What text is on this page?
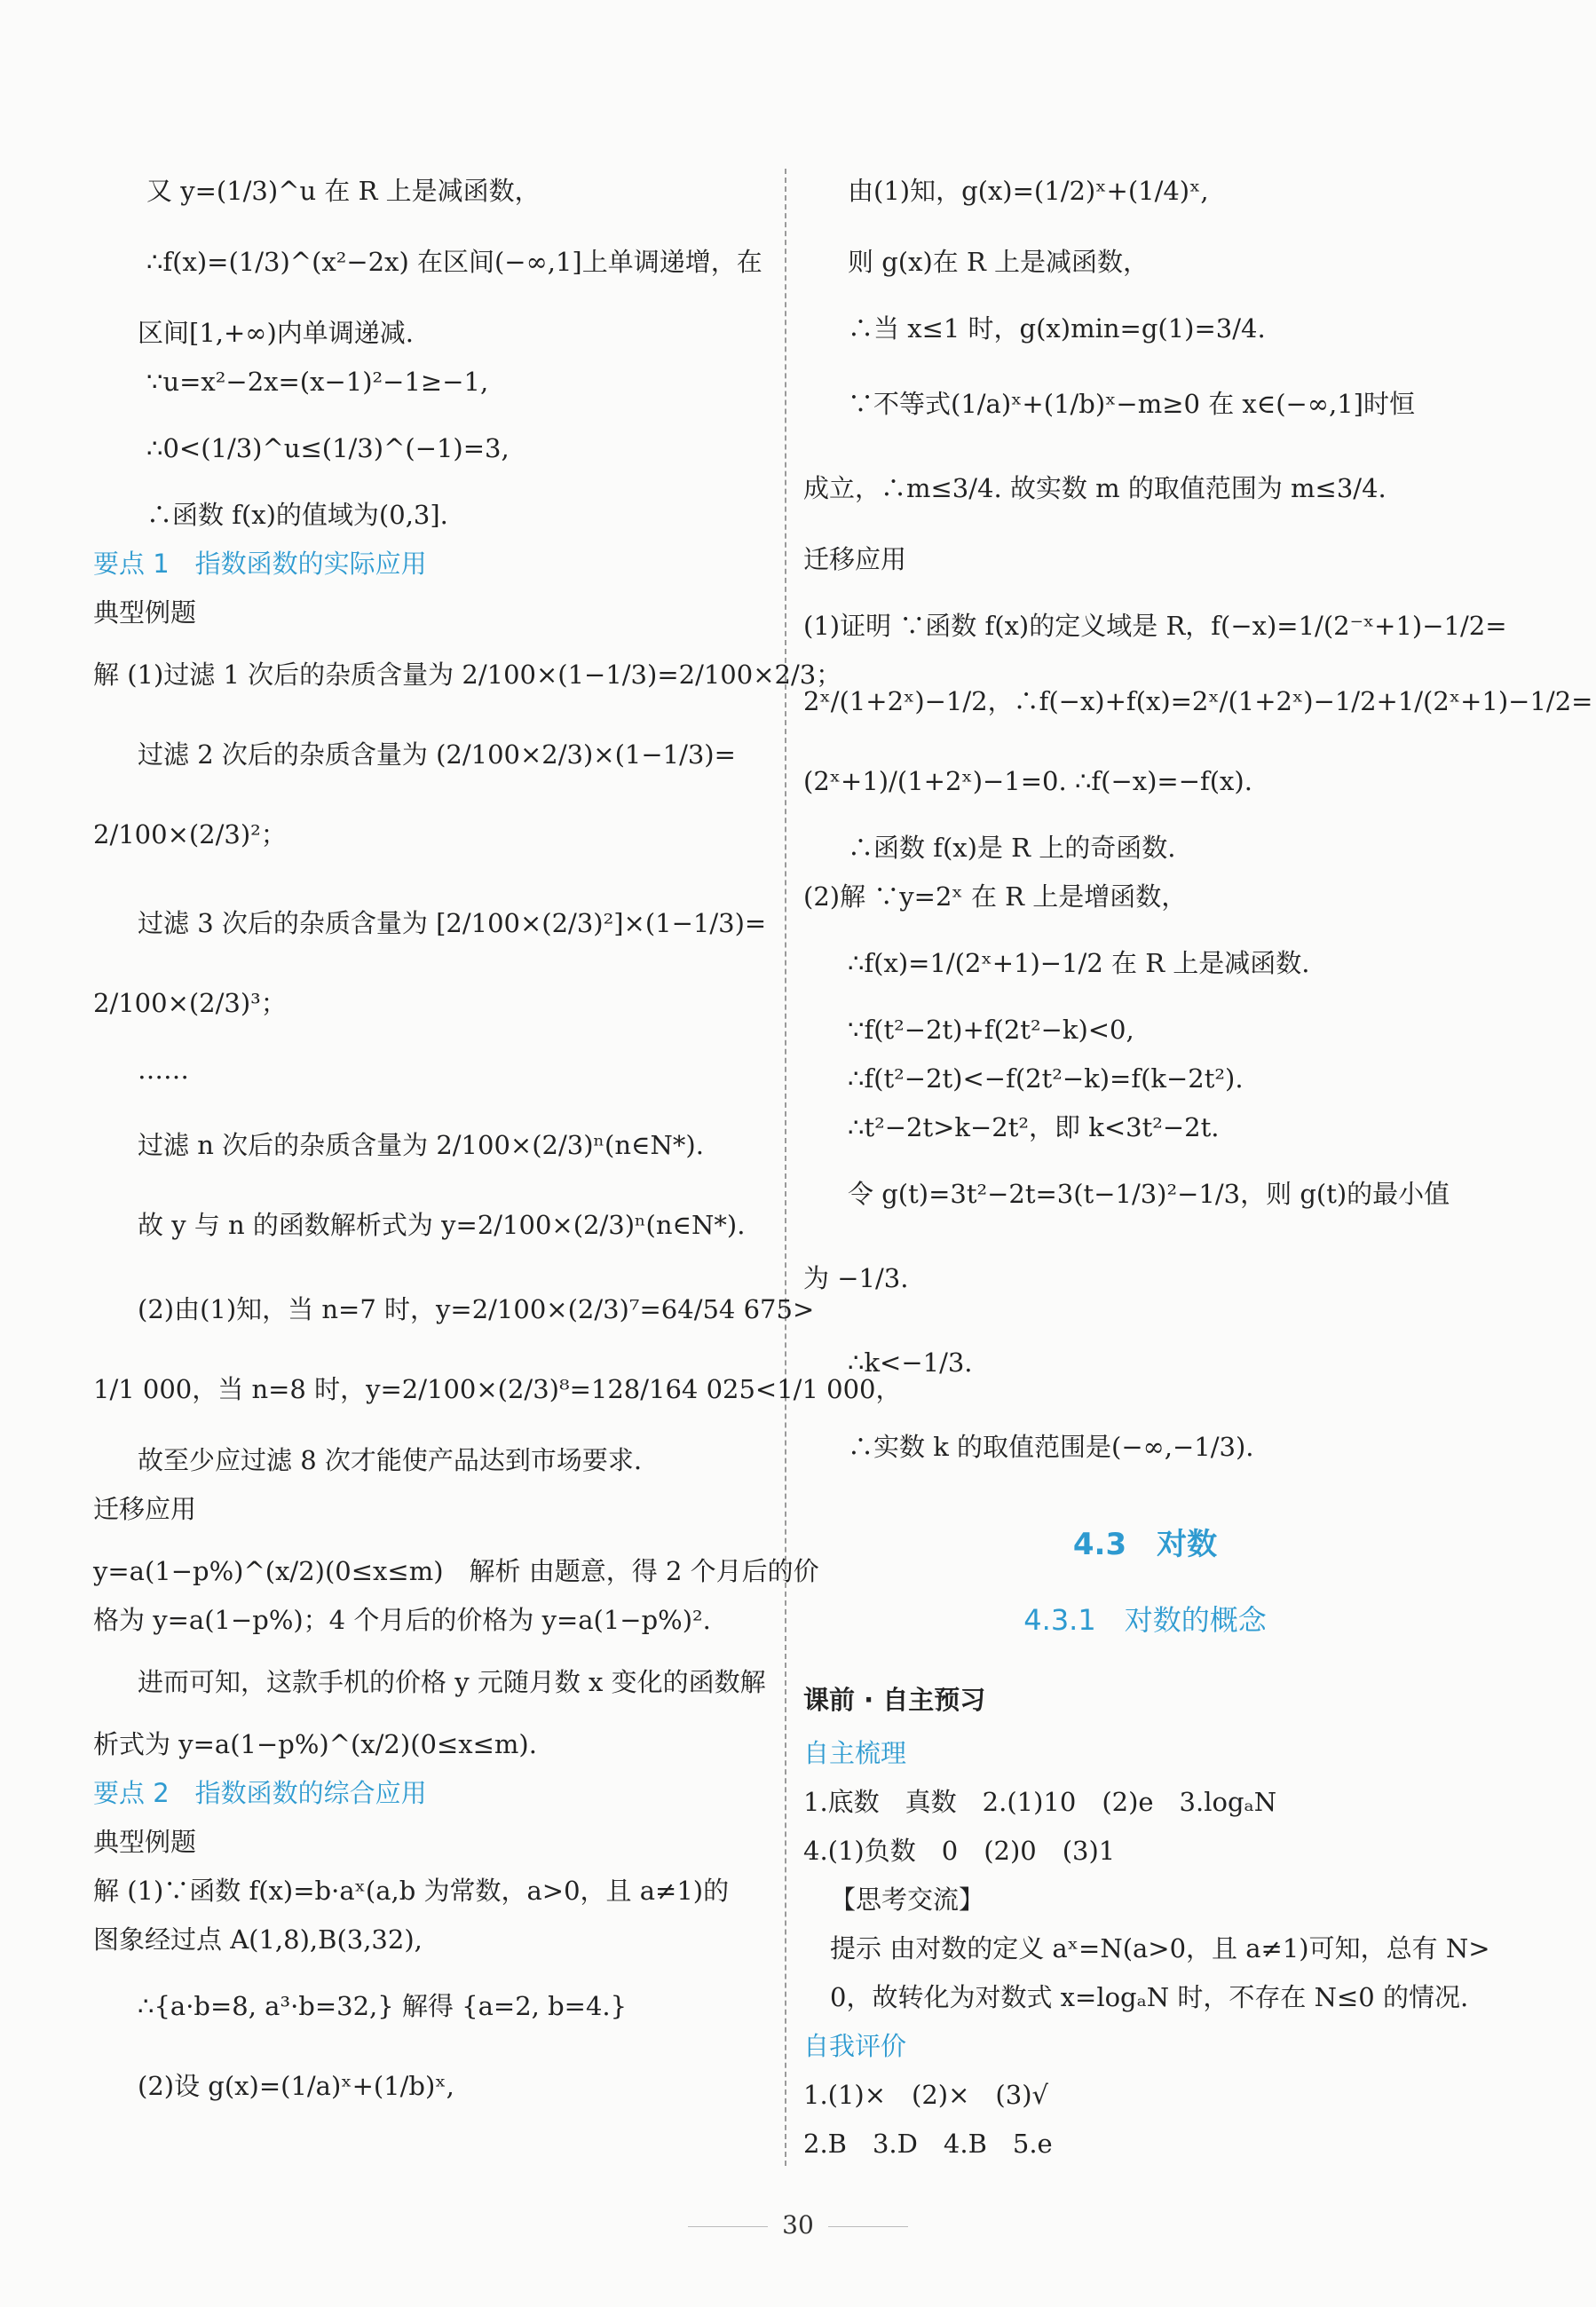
又 y=(1/3)^u 在 R 上是减函数，
∴f(x)=(1/3)^(x²−2x) 在区间(−∞,1]上单调递增，在
区间[1,+∞)内单调递减.
∵u=x²−2x=(x−1)²−1≥−1,
∴0<(1/3)^u≤(1/3)^(−1)=3,
∴函数 f(x)的值域为(0,3].
要点 1　指数函数的实际应用
典型例题
解 (1)过滤 1 次后的杂质含量为 2/100×(1−1/3)=2/100×2/3；
过滤 2 次后的杂质含量为 (2/100×2/3)×(1−1/3)=
2/100×(2/3)²；
过滤 3 次后的杂质含量为 [2/100×(2/3)²]×(1−1/3)=
2/100×(2/3)³；
……
过滤 n 次后的杂质含量为 2/100×(2/3)ⁿ(n∈N*).
故 y 与 n 的函数解析式为 y=2/100×(2/3)ⁿ(n∈N*).
(2)由(1)知，当 n=7 时，y=2/100×(2/3)⁷=64/54 675>
1/1 000，当 n=8 时，y=2/100×(2/3)⁸=128/164 025<1/1 000，
故至少应过滤 8 次才能使产品达到市场要求.
迁移应用
y=a(1−p%)^(x/2)(0≤x≤m)　解析 由题意，得 2 个月后的价
格为 y=a(1−p%)；4 个月后的价格为 y=a(1−p%)².
进而可知，这款手机的价格 y 元随月数 x 变化的函数解
析式为 y=a(1−p%)^(x/2)(0≤x≤m).
要点 2　指数函数的综合应用
典型例题
解 (1)∵函数 f(x)=b·aˣ(a,b 为常数，a>0，且 a≠1)的
图象经过点 A(1,8),B(3,32),
∴{a·b=8, a³·b=32,} 解得 {a=2, b=4.}
(2)设 g(x)=(1/a)ˣ+(1/b)ˣ,
由(1)知，g(x)=(1/2)ˣ+(1/4)ˣ,
则 g(x)在 R 上是减函数，
∴当 x≤1 时，g(x)min=g(1)=3/4.
∵不等式(1/a)ˣ+(1/b)ˣ−m≥0 在 x∈(−∞,1]时恒
成立，∴m≤3/4. 故实数 m 的取值范围为 m≤3/4.
迁移应用
(1)证明 ∵函数 f(x)的定义域是 R，f(−x)=1/(2⁻ˣ+1)−1/2=
2ˣ/(1+2ˣ)−1/2，∴f(−x)+f(x)=2ˣ/(1+2ˣ)−1/2+1/(2ˣ+1)−1/2=
(2ˣ+1)/(1+2ˣ)−1=0. ∴f(−x)=−f(x).
∴函数 f(x)是 R 上的奇函数.
(2)解 ∵y=2ˣ 在 R 上是增函数，
∴f(x)=1/(2ˣ+1)−1/2 在 R 上是减函数.
∵f(t²−2t)+f(2t²−k)<0,
∴f(t²−2t)<−f(2t²−k)=f(k−2t²).
∴t²−2t>k−2t²，即 k<3t²−2t.
令 g(t)=3t²−2t=3(t−1/3)²−1/3，则 g(t)的最小值
为 −1/3.
∴k<−1/3.
∴实数 k 的取值范围是(−∞,−1/3).
4.3　对数
4.3.1　对数的概念
课前 · 自主预习
自主梳理
1.底数　真数　2.(1)10　(2)e　3.logₐN
4.(1)负数　0　(2)0　(3)1
【思考交流】
提示 由对数的定义 aˣ=N(a>0，且 a≠1)可知，总有 N>
0，故转化为对数式 x=logₐN 时，不存在 N≤0 的情况.
自我评价
1.(1)×　(2)×　(3)√
2.B　3.D　4.B　5.e
30
